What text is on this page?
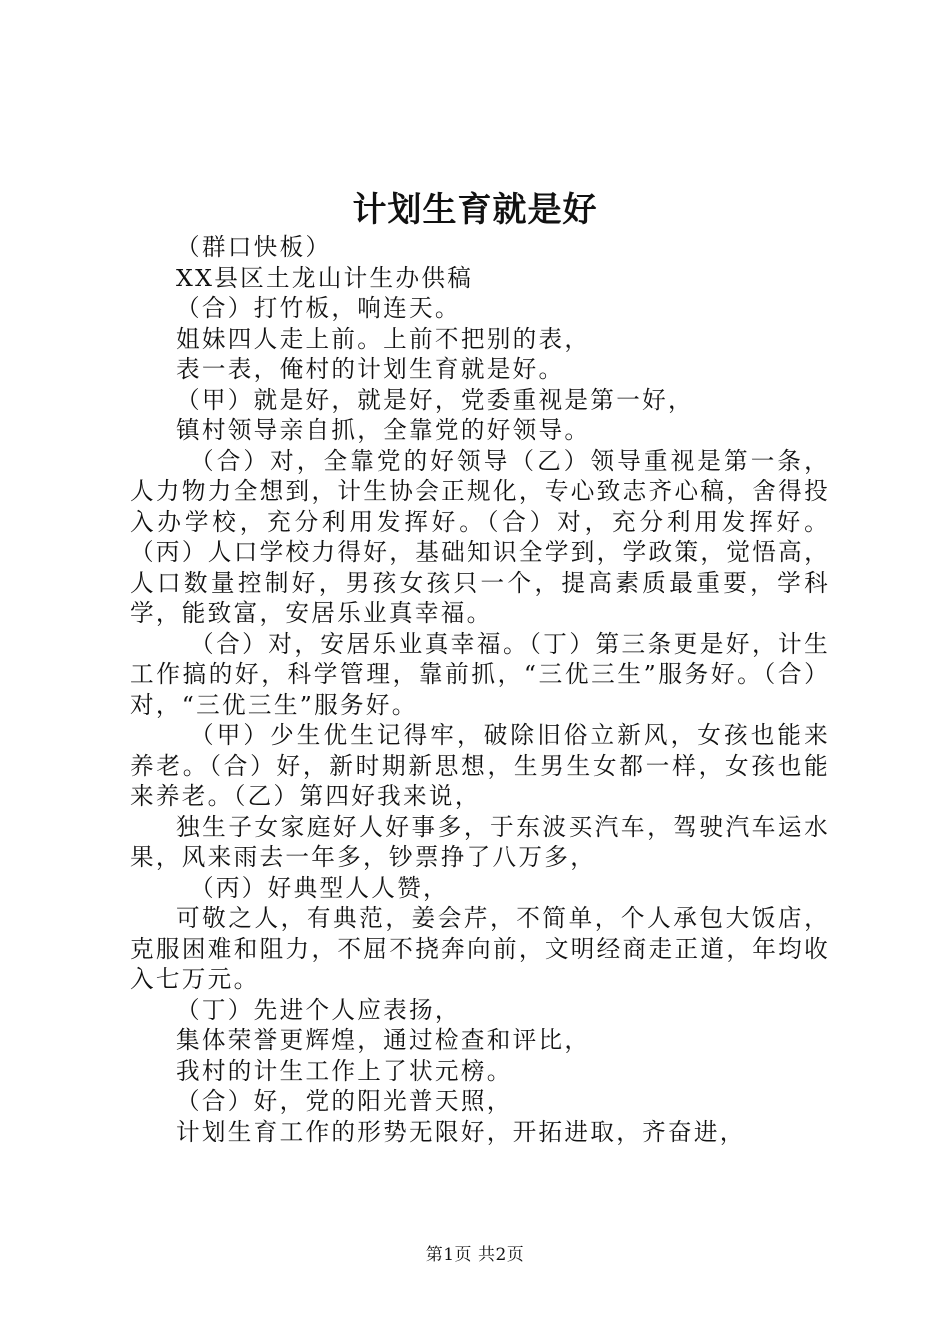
计划生育就是好

（群口快板）

XX县区土龙山计生办供稿

（合）打竹板，响连天。

姐妹四人走上前。上前不把别的表，

表一表，俺村的计划生育就是好。

（甲）就是好，就是好，党委重视是第一好，

镇村领导亲自抓，全靠党的好领导。

（合）对，全靠党的好领导（乙）领导重视是第一条，人力物力全想到，计生协会正规化，专心致志齐心稿，舍得投入办学校，充分利用发挥好。（合）对，充分利用发挥好。（丙）人口学校力得好，基础知识全学到，学政策，觉悟高，人口数量控制好，男孩女孩只一个，提高素质最重要，学科学，能致富，安居乐业真幸福。

（合）对，安居乐业真幸福。（丁）第三条更是好，计生工作搞的好，科学管理，靠前抓，“三优三生”服务好。（合）对，“三优三生”服务好。

（甲）少生优生记得牢，破除旧俗立新风，女孩也能来养老。（合）好，新时期新思想，生男生女都一样，女孩也能来养老。（乙）第四好我来说，

独生子女家庭好人好事多，于东波买汽车，驾驶汽车运水果，风来雨去一年多，钞票挣了八万多，

（丙）好典型人人赞，

可敬之人，有典范，姜会芹，不简单，个人承包大饭店，克服困难和阻力，不屈不挠奔向前，文明经商走正道，年均收入七万元。

（丁）先进个人应表扬，

集体荣誉更辉煌，通过检查和评比，

我村的计生工作上了状元榜。

（合）好，党的阳光普天照，

计划生育工作的形势无限好，开拓进取，齐奋进，

第1页 共2页
